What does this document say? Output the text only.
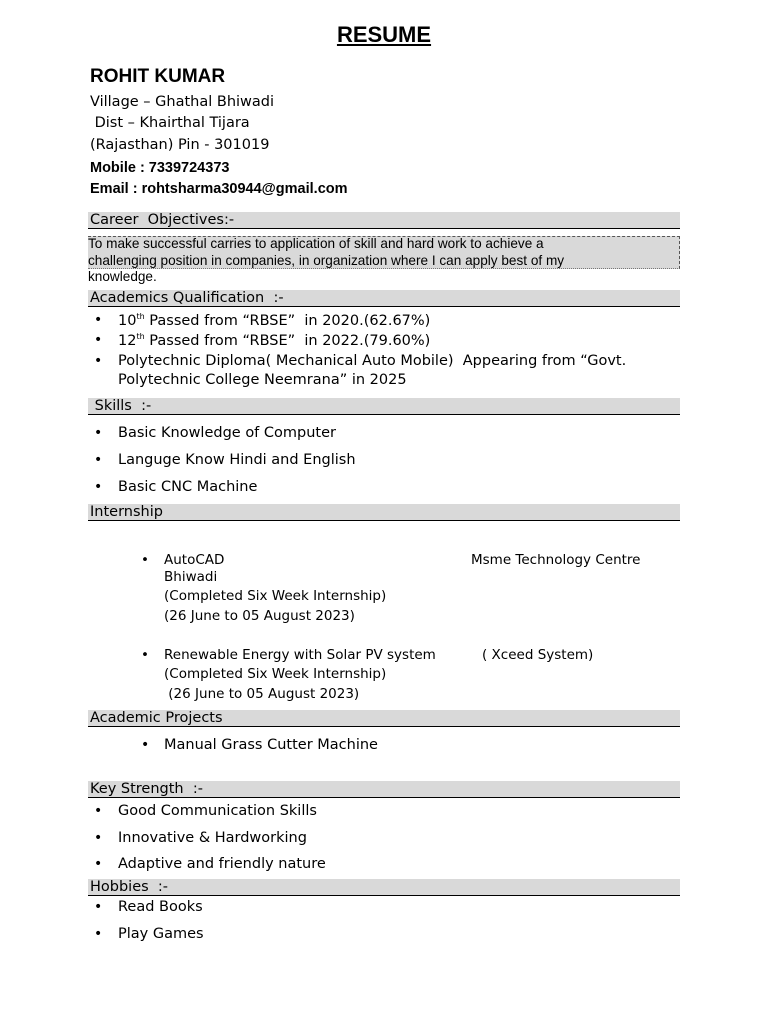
RESUME
ROHIT KUMAR
Village – Ghathal Bhiwadi
Dist – Khairthal Tijara
(Rajasthan) Pin - 301019
Mobile : 7339724373
Email : rohtsharma30944@gmail.com
Career  Objectives:-
To make successful carries to application of skill and hard work to achieve a
challenging position in companies, in organization where I can apply best of my
knowledge.
Academics Qualification  :-
• 10th Passed from “RBSE”  in 2020.(62.67%)
• 12th Passed from “RBSE”  in 2022.(79.60%)
• Polytechnic Diploma( Mechanical Auto Mobile)  Appearing from “Govt.
Polytechnic College Neemrana” in 2025
Skills  :-
• Basic Knowledge of Computer
• Languge Know Hindi and English
• Basic CNC Machine
Internship
• AutoCAD	Msme Technology Centre
Bhiwadi
(Completed Six Week Internship)
(26 June to 05 August 2023)
• Renewable Energy with Solar PV system	( Xceed System)
(Completed Six Week Internship)
(26 June to 05 August 2023)
Academic Projects
• Manual Grass Cutter Machine
Key Strength  :-
• Good Communication Skills
• Innovative & Hardworking
• Adaptive and friendly nature
Hobbies  :-
• Read Books
• Play Games
